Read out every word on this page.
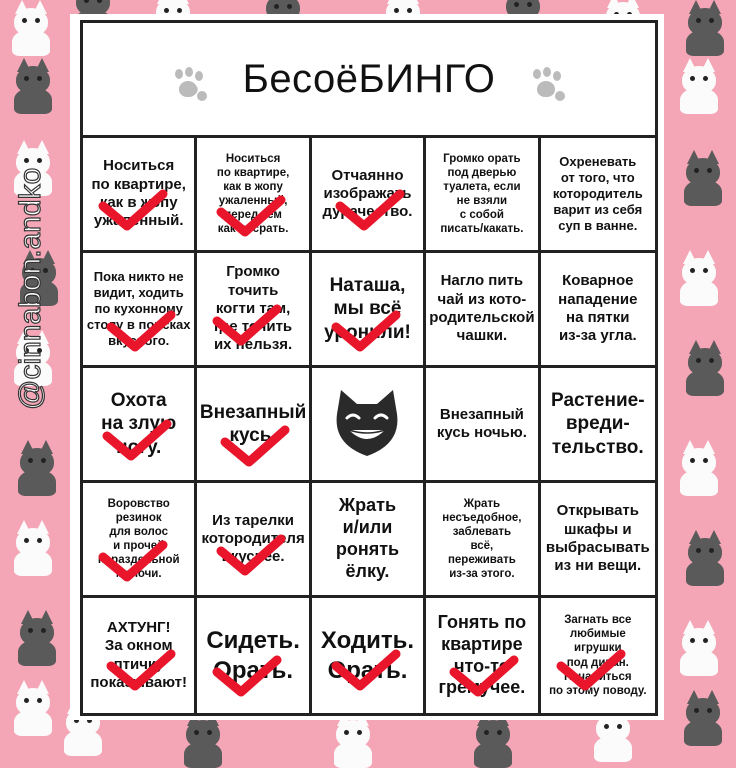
БесоёБИНГО
Носиться
по квартире,
как в жопу
ужаленный.
Носиться
по квартире,
как в жопу
ужаленный,
перед тем
как посрать.
Отчаянно
изображать
дурачество.
Громко орать
под дверью
туалета, если
не взяли
с собой
писать/какать.
Охреневать
от того, что
котородитель
варит из себя
суп в ванне.
Пока никто не
видит, ходить
по кухонному
столу в поисках
вкусного.
Громко
точить
когти там,
где точить
их нельзя.
Наташа,
мы всё
уронили!
Нагло пить
чай из кото-
родительской
чашки.
Коварное
нападение
на пятки
из-за угла.
Охота
на злую
ногу.
Внезапный
кусь.
Внезапный
кусь ночью.
Растение-
вреди-
тельство.
Воровство
резинок
для волос
и прочей
нераздельной
мелочи.
Из тарелки
котородителя
вкуснее.
Жрать
и/или
ронять
ёлку.
Жрать
несъедобное,
заблевать
всё,
переживать
из-за этого.
Открывать
шкафы и
выбрасывать
из ни вещи.
АХТУНГ!
За окном
птичку
показывают!
Сидеть.
Орать.
Ходить.
Орать.
Гонять по
квартире
что-то
гремучее.
Загнать все
любимые
игрушки
под диван.
Печалиться
по этому поводу.
@cinnabon.andko
